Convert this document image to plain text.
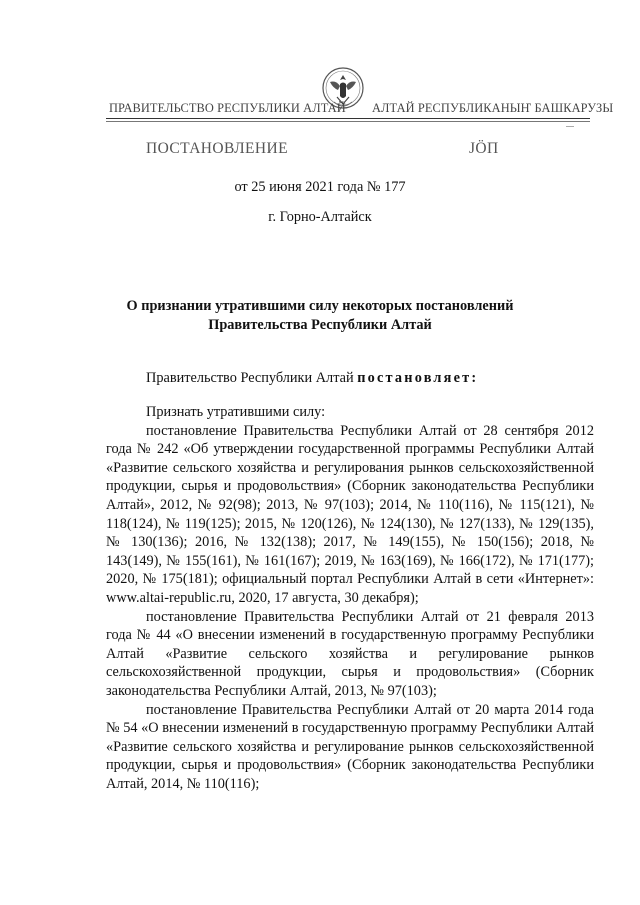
ПРАВИТЕЛЬСТВО РЕСПУБЛИКИ АЛТАЙ АЛТАЙ РЕСПУБЛИКАНЫҤ БАШКАРУЗЫ
ПОСТАНОВЛЕНИЕ	ЈӦП
от 25 июня 2021 года № 177
г. Горно-Алтайск
О признании утратившими силу некоторых постановлений
Правительства Республики Алтай
Правительство Республики Алтай постановляет:

Признать утратившими силу:

постановление Правительства Республики Алтай от 28 сентября 2012 года № 242 «Об утверждении государственной программы Республики Алтай «Развитие сельского хозяйства и регулирования рынков сельскохозяйственной продукции, сырья и продовольствия» (Сборник законодательства Республики Алтай», 2012, № 92(98); 2013, № 97(103); 2014, № 110(116), № 115(121), № 118(124), № 119(125); 2015, № 120(126), № 124(130), № 127(133), № 129(135), № 130(136); 2016, № 132(138); 2017, № 149(155), № 150(156); 2018, № 143(149), № 155(161), № 161(167); 2019, № 163(169), № 166(172), № 171(177); 2020, № 175(181); официальный портал Республики Алтай в сети «Интернет»: www.altai-republic.ru, 2020, 17 августа, 30 декабря);

постановление Правительства Республики Алтай от 21 февраля 2013 года № 44 «О внесении изменений в государственную программу Республики Алтай «Развитие сельского хозяйства и регулирование рынков сельскохозяйственной продукции, сырья и продовольствия» (Сборник законодательства Республики Алтай, 2013, № 97(103);

постановление Правительства Республики Алтай от 20 марта 2014 года № 54 «О внесении изменений в государственную программу Республики Алтай «Развитие сельского хозяйства и регулирование рынков сельскохозяйственной продукции, сырья и продовольствия» (Сборник законодательства Республики Алтай, 2014, № 110(116);
